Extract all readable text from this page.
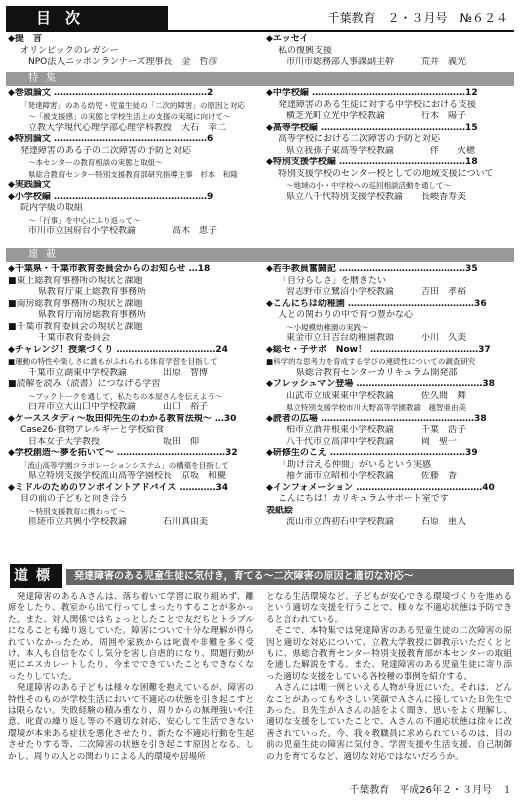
目次	千葉教育　２・３月号　№６２４
◆提　言
オリンピックのレガシー
NPO法人ニッポンランナーズ理事長　金　哲彦
◆エッセイ
私の復興支援
市川市総務部人事課副主幹　　　荒井　義光
特集
◆巻頭論文 ……………………………………………2
「発達障害」のある幼児・児童生徒の「二次的障害」の原因と対応
～「被支援感」の実態と学校生活上の支援の実現に向けて～
立教大学現代心理学部心理学科教授　大石　幸二
◆特別論文 ……………………………………………6
発達障害のある子の二次障害の予防と対応
～本センターの教育相談の実態と取組～
県総合教育センター特別支援教育部研究指導主事　杉本　和隆
◆実践論文
◆小学校編 ……………………………………………9
院内学級の取組
～「行事」を中心にふり返って～
市川市立国府台小学校教諭　　　　高木　恵子
◆中学校編 ……………………………………………12
発達障害のある生徒に対する中学校における支援
横芝光町立光中学校教諭　　　　行木　陽子
◆高等学校編 …………………………………………15
高等学校における二次障害の予防と対応
県立我孫子東高等学校教諭　　　　伴　　火穂
◆特別支援学校編 ……………………………………18
特別支援学校のセンター校としての地域支援について
～地域の小・中学校への巡回相談活動を通して～
県立八千代特別支援学校教諭　　長峻香寿美
連載
◆千葉県・千葉市教育委員会からのお知らせ …18
■東上総教育事務所の現状と課題
県教育庁東上総教育事務所
■南房総教育事務所の現状と課題
県教育庁南房総教育事務所
■千葉市教育委員会の現状と課題
千葉市教育委員会
◆チャレンジ！授業づくり ……………………………24
■運動の特性や楽しさに誰もがふれられる体育学習を目指して
千葉市立湖東中学校教諭　　　　出原　智博
■読解を読み（読書）につなげる学習
～ブックトークを通して、私たちの本屋さんを伝えよう～
白井市立大山口中学校教諭　　　山口　裕子
◆ケーススタディ～坂田仰先生のわかる教育法規～ …30
Case26-食物アレルギーと学校給食
日本女子大学教授　　　　　　　坂田　仰
◆学校創造～夢を拓いて～ ………………………………32
「流山高等学園コラボレーションシステム」の構築を目指して
県立特別支援学校流山高等学園校長　京坂　和慶
◆ミドルのためのワンポイントアドバイス …………34
目の前の子どもと向き合う
～特別支援教育に携わって～
匝瑳市立共興小学校教諭　　　　石川真由美
◆若手教員奮闘記 ……………………………………35
「自分らしさ」を磨きたい
習志野市立鷺沼小学校教諭　　　吉田　孝裕
◆こんにちは幼稚園 ……………………………………36
人との関わりの中で育つ豊かな心
～小規模幼稚園の実践～
東金市立日吉台幼稚園教頭　　　小川　久美
◆総セ・子サポ　Now！ ………………………………37
■科学的な思考力を育成する学びの連続性についての調査研究
県総合教育センターカリキュラム開発部
◆フレッシュマン登場 ……………………………………38
山武市立成東東中学校教諭　　　佐久間　舞
県立特別支援学校市川大野高等学園教諭　越智亜由美
◆読者の広場 ……………………………………………38
柏市立酒井根東小学校教諭　　　千葉　浩子
八千代市立高津中学校教諭　　　岡　聖一
◆研修生のこえ ………………………………………39
「助け合える仲間」がいるという実感
袖ケ浦市立昭和小学校教諭　　　佐藤　香
◆インフォメーション ……………………………………40
こんにちは！カリキュラムサポート室です
表紙絵
流山市立西初石中学校教諭　　　石原　重人
道標	発達障害のある児童生徒に気付き，育てる～二次障害の原因と適切な対応～
　発達障害のあるＡさんは、落ち着いて学習に取り組めず、離席をしたり、教室から出て行ってしまったりすることが多かった。また、対人関係ではちょっとしたことで友だちとトラブルになることも繰り返していた。障害について十分な理解が得られていなかったため、周囲や家族からは叱責や非難を多く受け、本人も自信をなくし気分を害し自虐的になり、問題行動が更にエスカレートしたり、今までできていたこともできなくなったりしていた。
　発達障害のある子どもは様々な困難を抱えているが、障害の特性そのものが学校生活において不適応の状態を引き起こすとは限らない。失敗経験の積み重なり、周りからの無理強いや注意、叱責の繰り返し等の不適切な対応、安心して生活できない環境が本来ある症状を悪化させたり、新たな不適応行動を生起させたりする等、二次障害の状態を引き起こす原因となる。しかし、周りの人との関わりによる人的環境や居場所
となる生活環境など、子どもが安心できる環境づくりを進めるという適切な支援を行うことで、様々な不適応状態は予防できると言われている。
　そこで、本特集では発達障害のある児童生徒の二次障害の原因と適切な対応について、立教大学教授に御教示いただくとともに、県総合教育センター特別支援教育部が本センターの取組を通した解説をする。また、発達障害のある児童生徒に寄り添った適切な支援をしている各校種の事例を紹介する。
　Ａさんには唯一例といえる人物が身近にいた。それは、どんなことがあってもやさしい笑顔でＡさんに接していたＢ先生であった。Ｂ先生がＡさんの話をよく聞き、思いをよく理解し、適切な支援をしていたことで、Ａさんの不適応状態は徐々に改善されていった。今、我々教職員に求められているのは、目の前の児童生徒の障害に気付き、学習支援や生活支援、自己制御の力を育てるなど、適切な対応ではないだろうか。
千葉教育　平成26年２・３月号　１
